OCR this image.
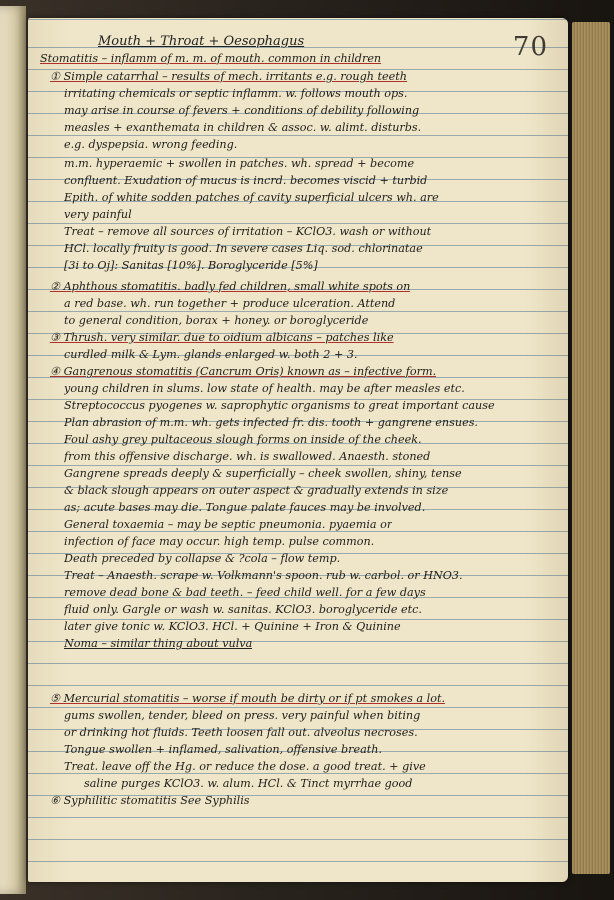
70
Mouth + Throat + Oesophagus
Stomatitis – inflamm of m. m. of mouth. common in children
① Simple catarrhal – results of mech. irritants e.g. rough teeth
irritating chemicals or septic inflamm. w. follows mouth ops.
may arise in course of fevers + conditions of debility following
measles + exanthemata in children & assoc. w. alimt. disturbs.
e.g. dyspepsia. wrong feeding.
m.m. hyperaemic + swollen in patches. wh. spread + become
confluent. Exudation of mucus is incrd. becomes viscid + turbid
Epith. of white sodden patches of cavity superficial ulcers wh. are
very painful
Treat – remove all sources of irritation – KClO3. wash or without
HCl. locally fruity is good. In severe cases Liq. sod. chlorinatae
[3i to Oj]: Sanitas [10%]. Boroglyceride [5%]
② Aphthous stomatitis. badly fed children, small white spots on
a red base. wh. run together + produce ulceration. Attend
to general condition, borax + honey. or boroglyceride
③ Thrush. very similar. due to oidium albicans – patches like
curdled milk & Lym. glands enlarged w. both 2 + 3.
④ Gangrenous stomatitis (Cancrum Oris) known as – infective form.
young children in slums. low state of health. may be after measles etc.
Streptococcus pyogenes w. saprophytic organisms to great important cause
Plan abrasion of m.m. wh. gets infected fr. dis. tooth + gangrene ensues.
Foul ashy grey pultaceous slough forms on inside of the cheek.
from this offensive discharge. wh. is swallowed. Anaesth. stoned
Gangrene spreads deeply & superficially – cheek swollen, shiny, tense
& black slough appears on outer aspect & gradually extends in size
as; acute bases may die. Tongue palate fauces may be involved.
General toxaemia – may be septic pneumonia. pyaemia or
infection of face may occur. high temp. pulse common.
Death preceded by collapse & ?cola – flow temp.
Treat – Anaesth. scrape w. Volkmann's spoon. rub w. carbol. or HNO3.
remove dead bone & bad teeth. – feed child well. for a few days
fluid only. Gargle or wash w. sanitas. KClO3. boroglyceride etc.
later give tonic w. KClO3. HCl. + Quinine + Iron & Quinine
Noma – similar thing about vulva
⑤ Mercurial stomatitis – worse if mouth be dirty or if pt smokes a lot.
gums swollen, tender, bleed on press. very painful when biting
or drinking hot fluids. Teeth loosen fall out. alveolus necroses.
Tongue swollen + inflamed, salivation, offensive breath.
Treat. leave off the Hg. or reduce the dose. a good treat. + give
saline purges KClO3. w. alum. HCl. & Tinct myrrhae good
⑥ Syphilitic stomatitis See Syphilis
